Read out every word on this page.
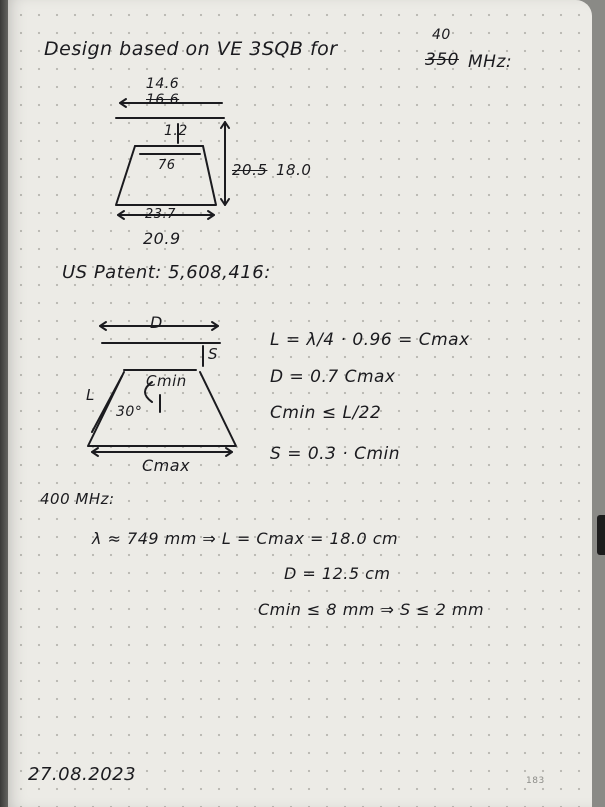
Design based on VE 3SQB for	350
40
MHz:
14.6
16.6
1.2
76	20.5 18.0
23.7
20.9
US Patent: 5,608,416:
D
S
L
Cmin
30°
Cmax
L = λ/4 · 0.96 = Cmax
D = 0.7 Cmax
Cmin ≤ L/22
S = 0.3 · Cmin
400 MHz:
λ ≈ 749 mm ⇒ L = Cmax = 18.0 cm
D = 12.5 cm
Cmin ≤ 8 mm ⇒ S ≤ 2 mm
27.08.2023	183
